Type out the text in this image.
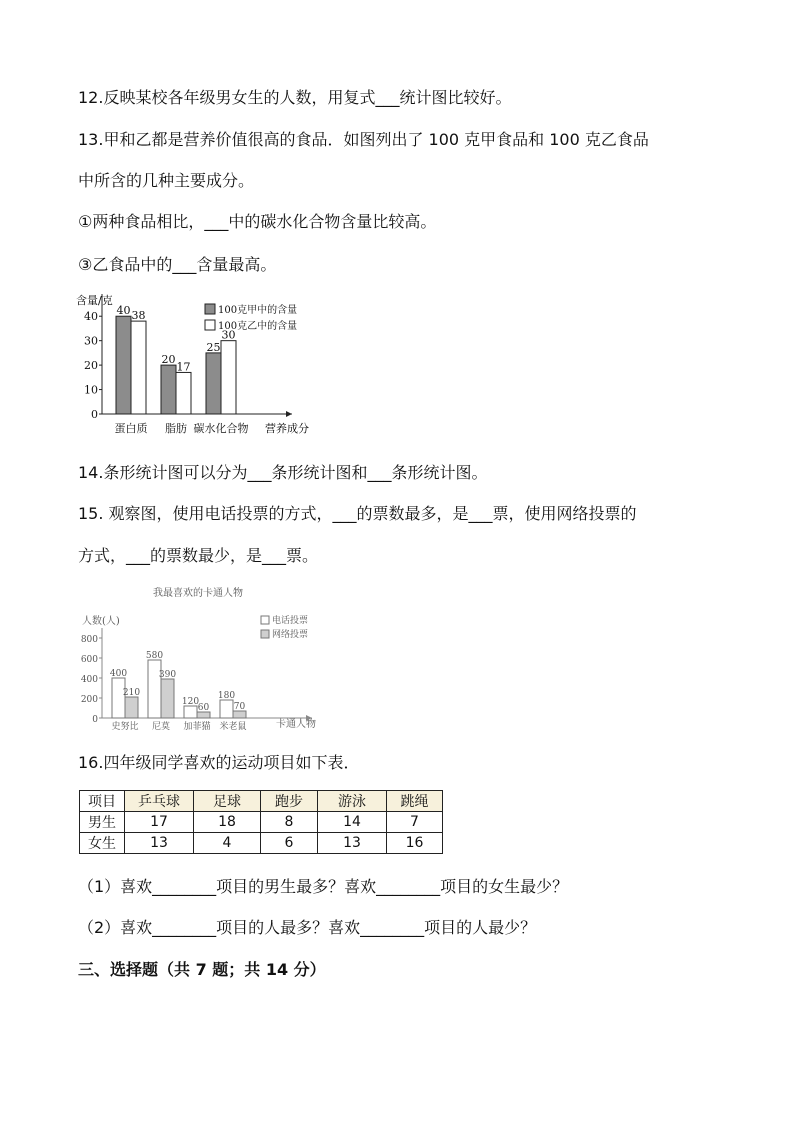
12.反映某校各年级男女生的人数，用复式___统计图比较好。
13.甲和乙都是营养价值很高的食品．如图列出了 100 克甲食品和 100 克乙食品
中所含的几种主要成分。
①两种食品相比，___中的碳水化合物含量比较高。
③乙食品中的___含量最高。
含量/克
营养成分
100克甲中的含量
100克乙中的含量
0
10
20
30
40 40 38
蛋白质
20
17
脂肪
25
30
碳水化合物
14.条形统计图可以分为___条形统计图和___条形统计图。
15. 观察图，使用电话投票的方式，___的票数最多，是___票，使用网络投票的
方式，___的票数最少，是___票。
我最喜欢的卡通人物
人数(人)
卡通人物
电话投票
网络投票
0
200
400
600
800
400
210
史努比
580
390
尼莫
120
60
加菲猫
180
70
米老鼠
16.四年级同学喜欢的运动项目如下表．
项目	乒乓球	足球	跑步	游泳	跳绳
男生	17	18	8	14	7
女生	13	4	6	13	16
（1）喜欢________项目的男生最多？喜欢________项目的女生最少？
（2）喜欢________项目的人最多？喜欢________项目的人最少？
三、选择题（共 7 题；共 14 分）
